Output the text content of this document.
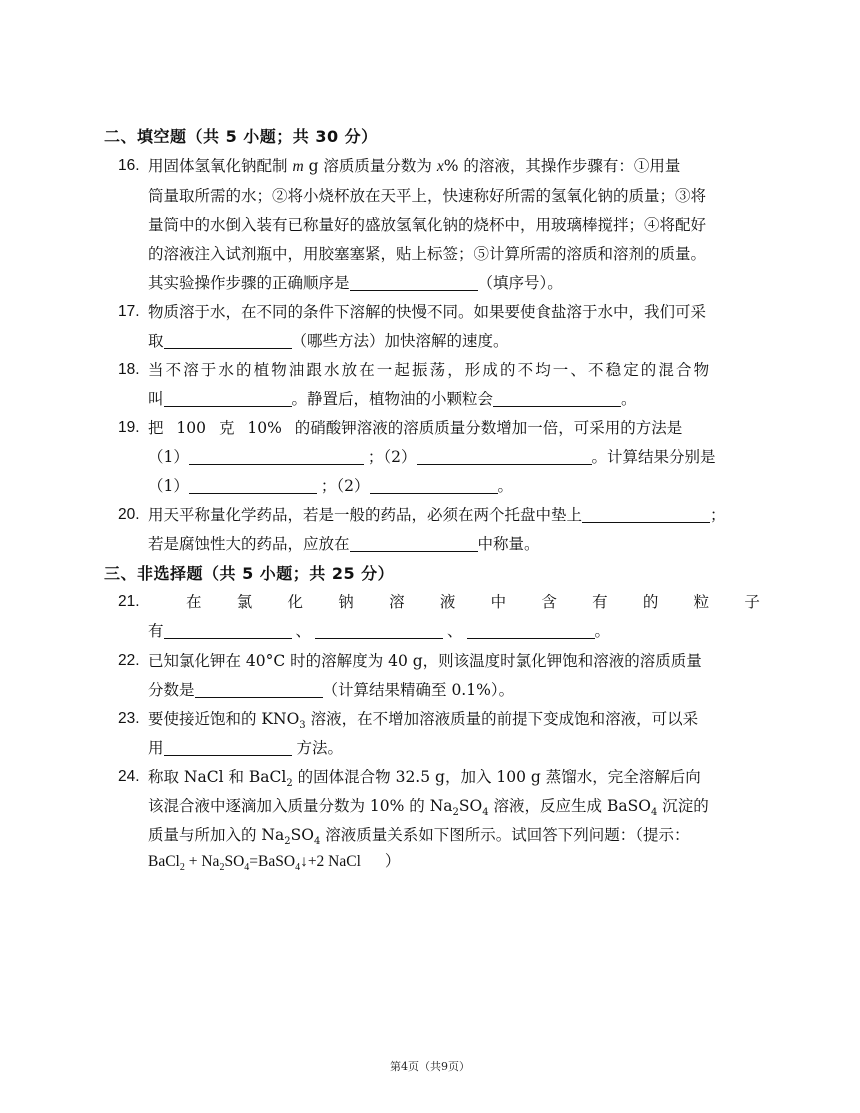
二、填空题（共 5 小题；共 30 分）
16. 用固体氢氧化钠配制 m g 溶质质量分数为 x% 的溶液，其操作步骤有：①用量
筒量取所需的水；②将小烧杯放在天平上，快速称好所需的氢氧化钠的质量；③将
量筒中的水倒入装有已称量好的盛放氢氧化钠的烧杯中，用玻璃棒搅拌；④将配好
的溶液注入试剂瓶中，用胶塞塞紧，贴上标签；⑤计算所需的溶质和溶剂的质量。
其实验操作步骤的正确顺序是	（填序号）。
17. 物质溶于水，在不同的条件下溶解的快慢不同。如果要使食盐溶于水中，我们可采
取	（哪些方法）加快溶解的速度。
18. 当不溶于水的植物油跟水放在一起振荡，形成的不均一、不稳定的混合物
叫	。静置后，植物油的小颗粒会	。
19. 把 100 克 10% 的硝酸钾溶液的溶质质量分数增加一倍，可采用的方法是
（1）	；（2）	。计算结果分别是
（1）	；（2）	。
20. 用天平称量化学药品，若是一般的药品，必须在两个托盘中垫上	；
若是腐蚀性大的药品，应放在	中称量。
三、非选择题（共 5 小题；共 25 分）
21.	在 氯 化 钠 溶 液 中 含 有 的 粒 子
有	、	、	。
22. 已知氯化钾在 40°C 时的溶解度为 40 g，则该温度时氯化钾饱和溶液的溶质质量
分数是	（计算结果精确至 0.1%）。
23. 要使接近饱和的 $KNO_3$ 溶液，在不增加溶液质量的前提下变成饱和溶液，可以采
用	方法。
24. 称取 NaCl 和 BaCl$_2$ 的固体混合物 32.5 g，加入 100 g 蒸馏水，完全溶解后向
该混合液中逐滴加入质量分数为 10% 的 $Na_2SO_4$ 溶液，反应生成 BaSO$_4$ 沉淀的
质量与所加入的 $Na_2SO_4$ 溶液质量关系如下图所示。试回答下列问题：（提示：
BaCl$_2$ + $Na_2SO_4=BaSO_4↓+2$ NaCl ）
第4页（共9页）
